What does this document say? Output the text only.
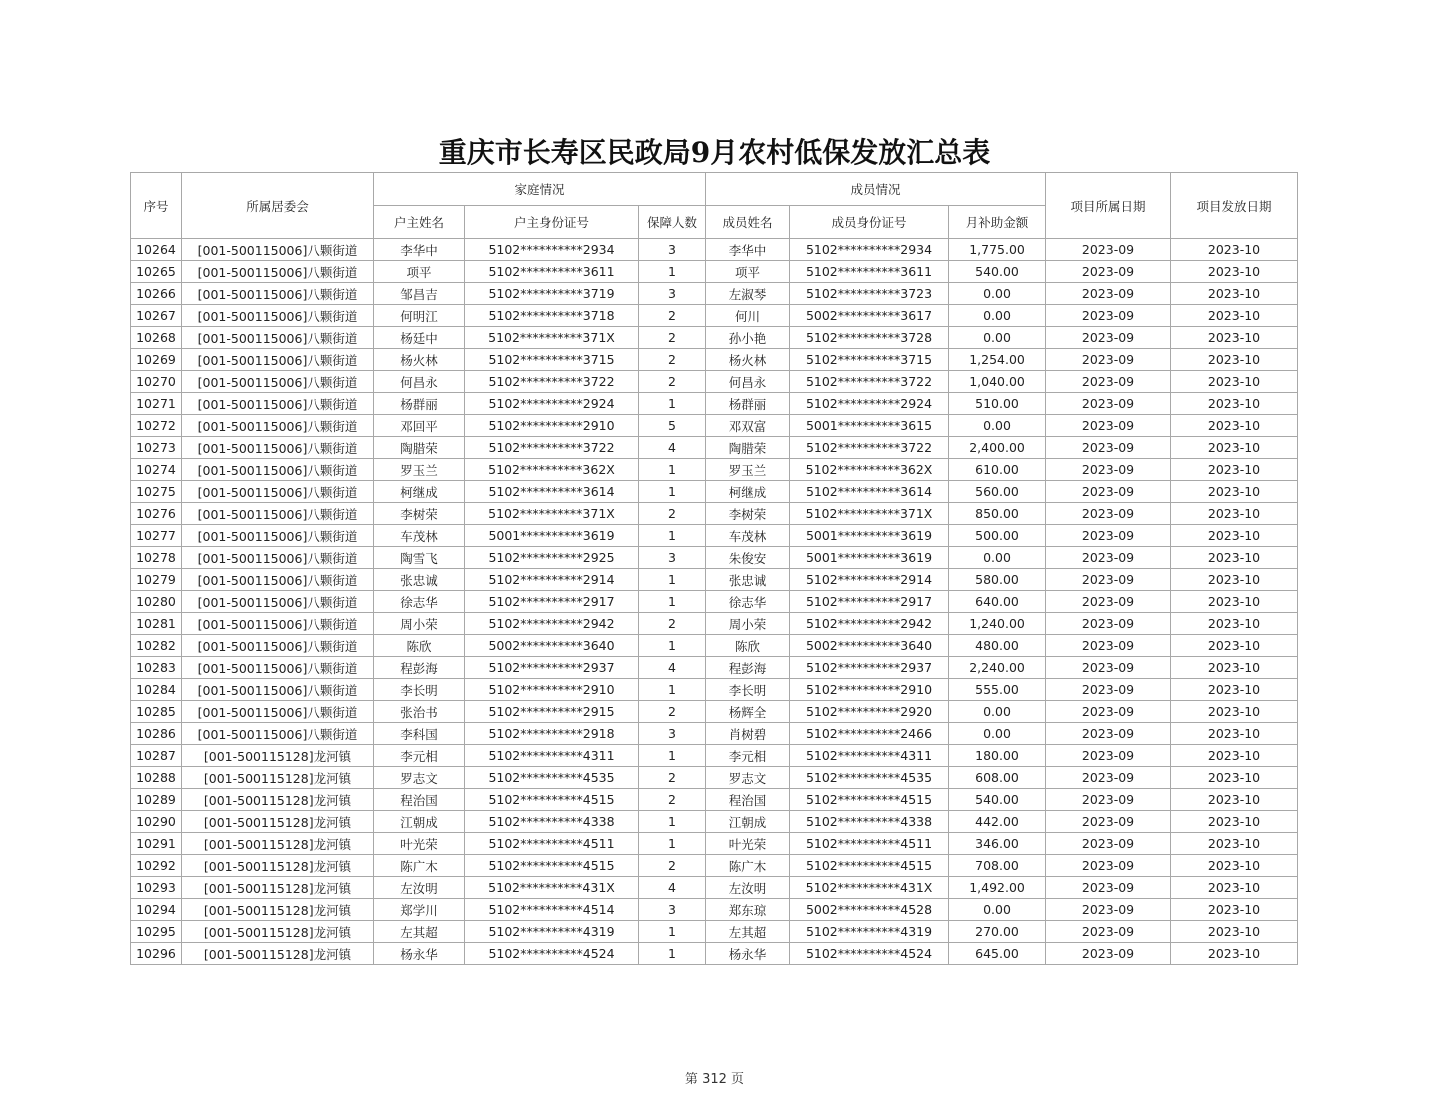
重庆市长寿区民政局9月农村低保发放汇总表
序号	所属居委会	家庭情况			成员情况			项目所属日期	项目发放日期
		户主姓名	户主身份证号	保障人数	成员姓名	成员身份证号	月补助金额		
10264	[001-500115006]八颗街道	李华中	5102**********2934	3	李华中	5102**********2934	1,775.00	2023-09	2023-10
10265	[001-500115006]八颗街道	项平	5102**********3611	1	项平	5102**********3611	540.00	2023-09	2023-10
10266	[001-500115006]八颗街道	邹昌吉	5102**********3719	3	左淑琴	5102**********3723	0.00	2023-09	2023-10
10267	[001-500115006]八颗街道	何明江	5102**********3718	2	何川	5002**********3617	0.00	2023-09	2023-10
10268	[001-500115006]八颗街道	杨廷中	5102**********371X	2	孙小艳	5102**********3728	0.00	2023-09	2023-10
10269	[001-500115006]八颗街道	杨火林	5102**********3715	2	杨火林	5102**********3715	1,254.00	2023-09	2023-10
10270	[001-500115006]八颗街道	何昌永	5102**********3722	2	何昌永	5102**********3722	1,040.00	2023-09	2023-10
10271	[001-500115006]八颗街道	杨群丽	5102**********2924	1	杨群丽	5102**********2924	510.00	2023-09	2023-10
10272	[001-500115006]八颗街道	邓回平	5102**********2910	5	邓双富	5001**********3615	0.00	2023-09	2023-10
10273	[001-500115006]八颗街道	陶腊荣	5102**********3722	4	陶腊荣	5102**********3722	2,400.00	2023-09	2023-10
10274	[001-500115006]八颗街道	罗玉兰	5102**********362X	1	罗玉兰	5102**********362X	610.00	2023-09	2023-10
10275	[001-500115006]八颗街道	柯继成	5102**********3614	1	柯继成	5102**********3614	560.00	2023-09	2023-10
10276	[001-500115006]八颗街道	李树荣	5102**********371X	2	李树荣	5102**********371X	850.00	2023-09	2023-10
10277	[001-500115006]八颗街道	车茂林	5001**********3619	1	车茂林	5001**********3619	500.00	2023-09	2023-10
10278	[001-500115006]八颗街道	陶雪飞	5102**********2925	3	朱俊安	5001**********3619	0.00	2023-09	2023-10
10279	[001-500115006]八颗街道	张忠诚	5102**********2914	1	张忠诚	5102**********2914	580.00	2023-09	2023-10
10280	[001-500115006]八颗街道	徐志华	5102**********2917	1	徐志华	5102**********2917	640.00	2023-09	2023-10
10281	[001-500115006]八颗街道	周小荣	5102**********2942	2	周小荣	5102**********2942	1,240.00	2023-09	2023-10
10282	[001-500115006]八颗街道	陈欣	5002**********3640	1	陈欣	5002**********3640	480.00	2023-09	2023-10
10283	[001-500115006]八颗街道	程彭海	5102**********2937	4	程彭海	5102**********2937	2,240.00	2023-09	2023-10
10284	[001-500115006]八颗街道	李长明	5102**********2910	1	李长明	5102**********2910	555.00	2023-09	2023-10
10285	[001-500115006]八颗街道	张治书	5102**********2915	2	杨辉全	5102**********2920	0.00	2023-09	2023-10
10286	[001-500115006]八颗街道	李科国	5102**********2918	3	肖树碧	5102**********2466	0.00	2023-09	2023-10
10287	[001-500115128]龙河镇	李元相	5102**********4311	1	李元相	5102**********4311	180.00	2023-09	2023-10
10288	[001-500115128]龙河镇	罗志文	5102**********4535	2	罗志文	5102**********4535	608.00	2023-09	2023-10
10289	[001-500115128]龙河镇	程治国	5102**********4515	2	程治国	5102**********4515	540.00	2023-09	2023-10
10290	[001-500115128]龙河镇	江朝成	5102**********4338	1	江朝成	5102**********4338	442.00	2023-09	2023-10
10291	[001-500115128]龙河镇	叶光荣	5102**********4511	1	叶光荣	5102**********4511	346.00	2023-09	2023-10
10292	[001-500115128]龙河镇	陈广木	5102**********4515	2	陈广木	5102**********4515	708.00	2023-09	2023-10
10293	[001-500115128]龙河镇	左汝明	5102**********431X	4	左汝明	5102**********431X	1,492.00	2023-09	2023-10
10294	[001-500115128]龙河镇	郑学川	5102**********4514	3	郑东琼	5002**********4528	0.00	2023-09	2023-10
10295	[001-500115128]龙河镇	左其超	5102**********4319	1	左其超	5102**********4319	270.00	2023-09	2023-10
10296	[001-500115128]龙河镇	杨永华	5102**********4524	1	杨永华	5102**********4524	645.00	2023-09	2023-10
第 312 页
